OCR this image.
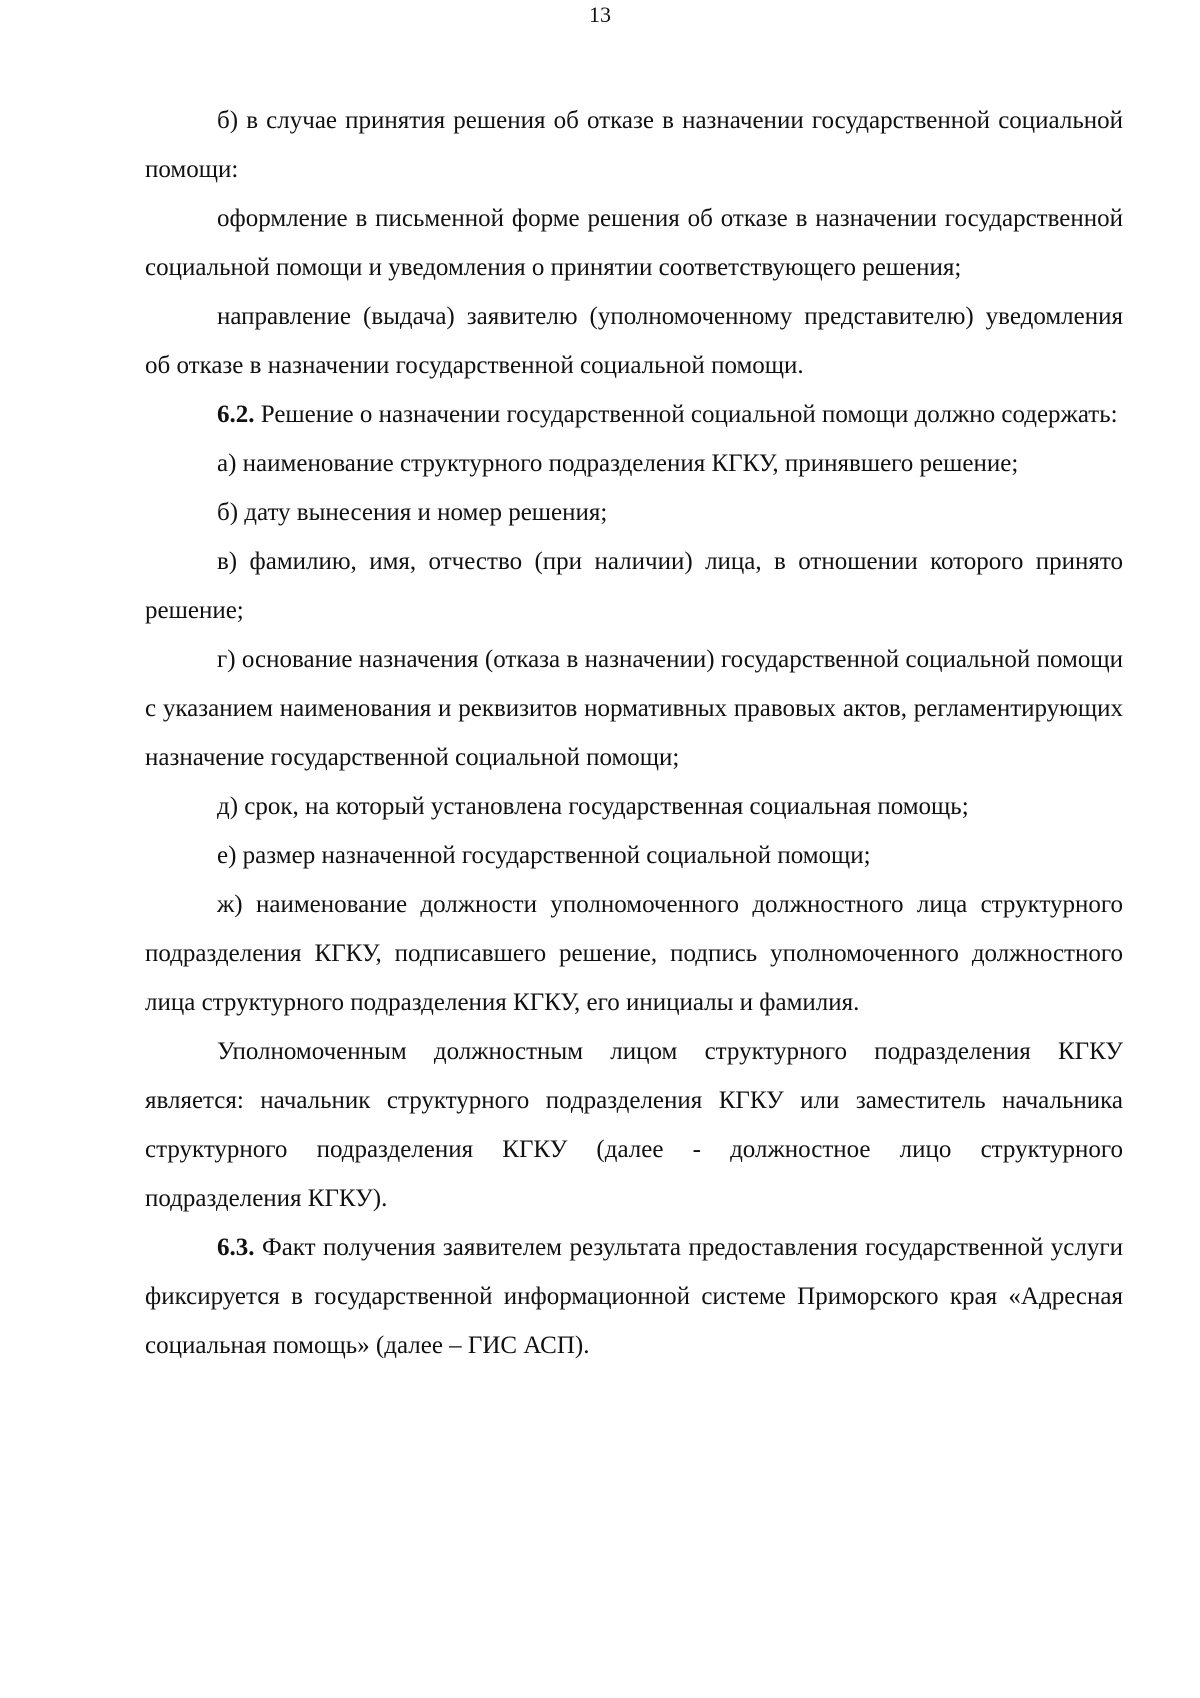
13

б) в случае принятия решения об отказе в назначении государственной социальной помощи:

оформление в письменной форме решения об отказе в назначении государственной социальной помощи и уведомления о принятии соответствующего решения;

направление (выдача) заявителю (уполномоченному представителю) уведомления об отказе в назначении государственной социальной помощи.

6.2. Решение о назначении государственной социальной помощи должно содержать:

а) наименование структурного подразделения КГКУ, принявшего решение;

б) дату вынесения и номер решения;

в) фамилию, имя, отчество (при наличии) лица, в отношении которого принято решение;

г) основание назначения (отказа в назначении) государственной социальной помощи с указанием наименования и реквизитов нормативных правовых актов, регламентирующих назначение государственной социальной помощи;

д) срок, на который установлена государственная социальная помощь;

е) размер назначенной государственной социальной помощи;

ж) наименование должности уполномоченного должностного лица структурного подразделения КГКУ, подписавшего решение, подпись уполномоченного должностного лица структурного подразделения КГКУ, его инициалы и фамилия.

Уполномоченным должностным лицом структурного подразделения КГКУ является: начальник структурного подразделения КГКУ или заместитель начальника структурного подразделения КГКУ (далее - должностное лицо структурного подразделения КГКУ).

6.3. Факт получения заявителем результата предоставления государственной услуги фиксируется в государственной информационной системе Приморского края «Адресная социальная помощь» (далее – ГИС АСП).
